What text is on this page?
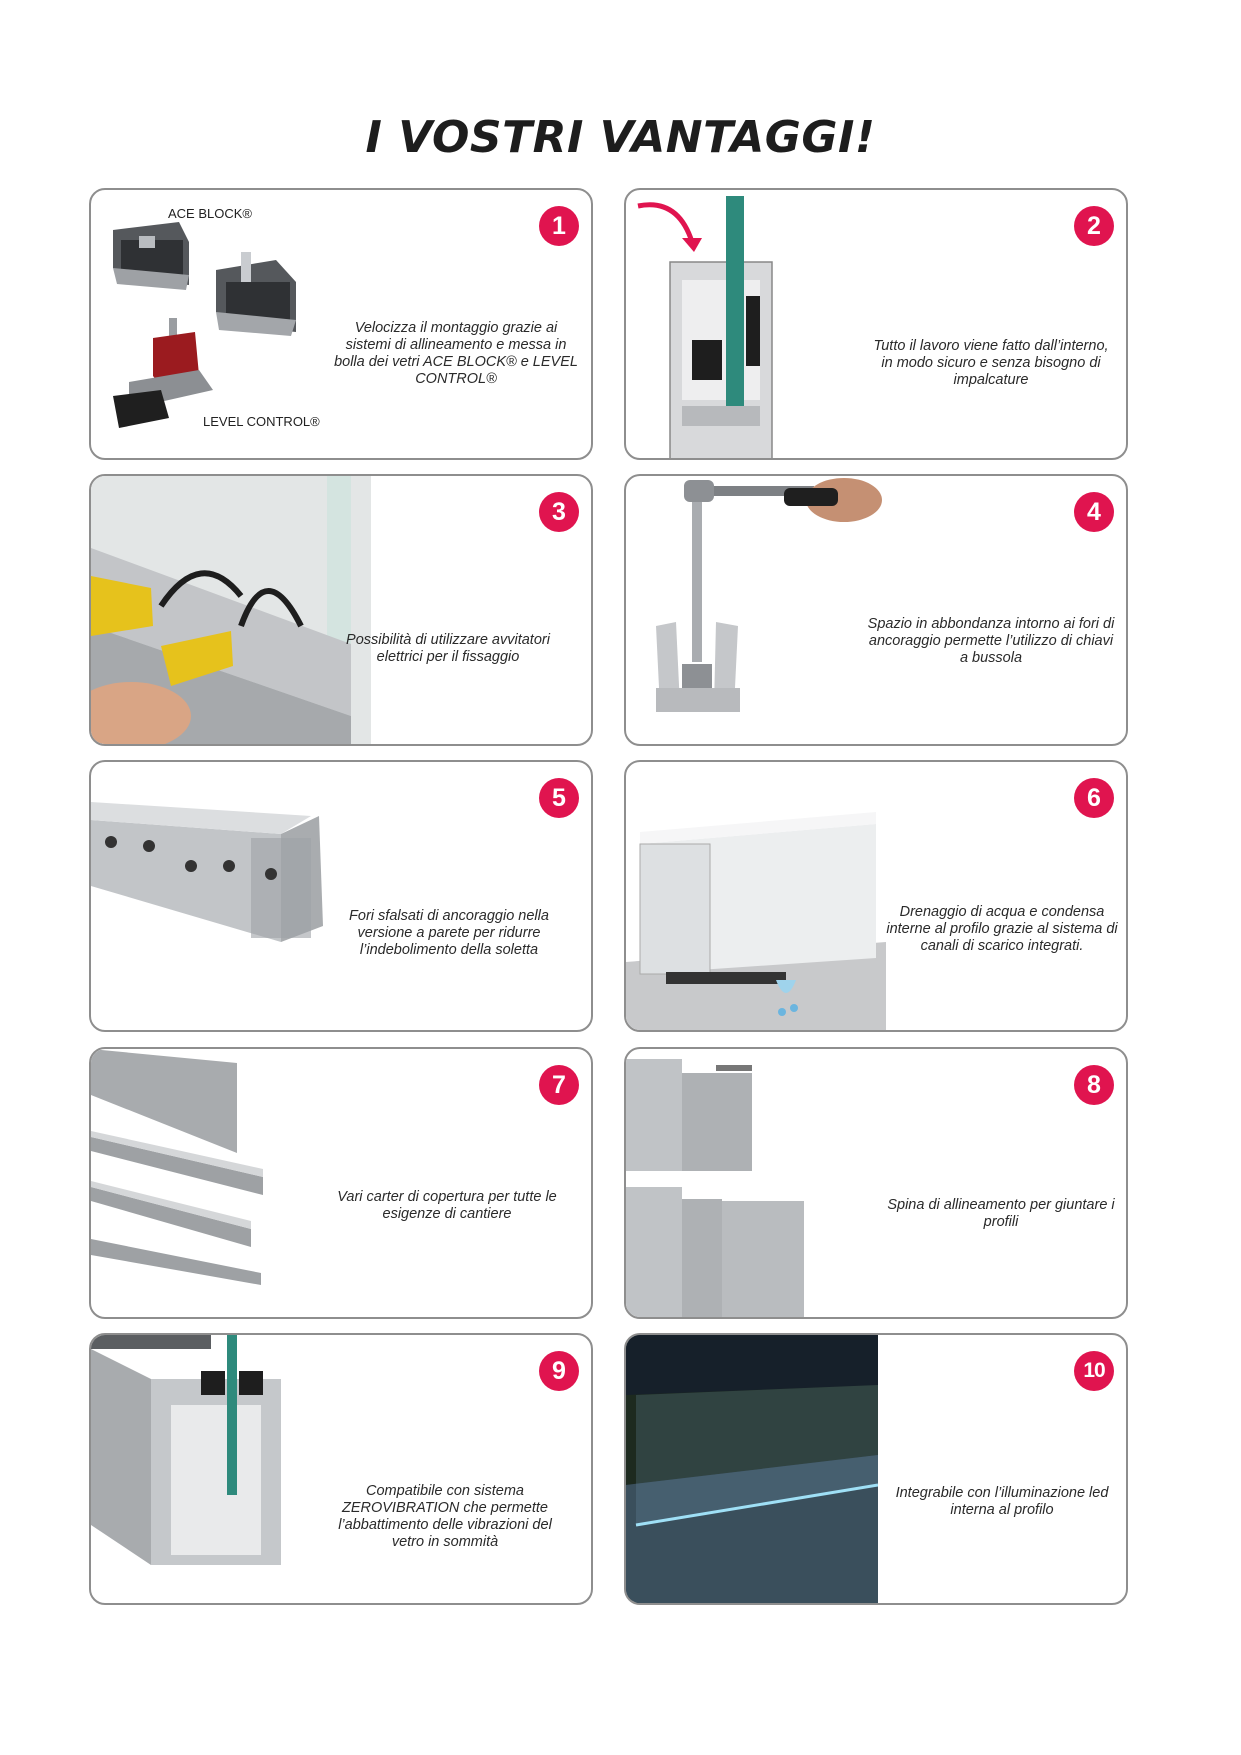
I VOSTRI VANTAGGI!
ACE BLOCK®
LEVEL CONTROL®
Velocizza il montaggio grazie ai sistemi di allineamento e messa in bolla dei vetri ACE BLOCK® e LEVEL CONTROL®
1
Tutto il lavoro viene fatto dall’interno, in modo sicuro e senza bisogno di impalcature
2
Possibilità di utilizzare avvitatori elettrici per il fissaggio
3
Spazio in abbondanza intorno ai fori di ancoraggio permette l’utilizzo di chiavi a bussola
4
Fori sfalsati di ancoraggio nella versione a parete per ridurre l’indebolimento della soletta
5
Drenaggio di acqua e condensa interne al profilo grazie al sistema di canali di scarico integrati.
6
Vari carter di copertura per tutte le esigenze di cantiere
7
Spina di allineamento per giuntare i profili
8
Compatibile con sistema ZEROVIBRATION che permette l’abbattimento delle vibrazioni del vetro in sommità
9
Integrabile con l’illuminazione led interna al profilo
10
